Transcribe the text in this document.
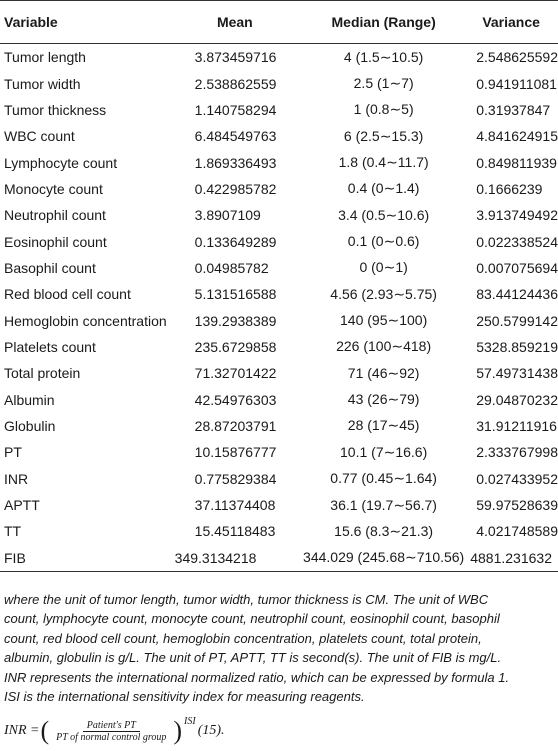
Variable	Mean	Median (Range)	Variance
Tumor length	3.873459716	4 (1.5∼10.5)	2.548625592
Tumor width	2.538862559	2.5 (1∼7)	0.941911081
Tumor thickness	1.140758294	1 (0.8∼5)	0.31937847
WBC count	6.484549763	6 (2.5∼15.3)	4.841624915
Lymphocyte count	1.869336493	1.8 (0.4∼11.7)	0.849811939
Monocyte count	0.422985782	0.4 (0∼1.4)	0.1666239
Neutrophil count	3.8907109	3.4 (0.5∼10.6)	3.913749492
Eosinophil count	0.133649289	0.1 (0∼0.6)	0.022338524
Basophil count	0.04985782	0 (0∼1)	0.007075694
Red blood cell count	5.131516588	4.56 (2.93∼5.75)	83.44124436
Hemoglobin concentration	139.2938389	140 (95∼100)	250.5799142
Platelets count	235.6729858	226 (100∼418)	5328.859219
Total protein	71.32701422	71 (46∼92)	57.49731438
Albumin	42.54976303	43 (26∼79)	29.04870232
Globulin	28.87203791	28 (17∼45)	31.91211916
PT	10.15876777	10.1 (7∼16.6)	2.333767998
INR	0.775829384	0.77 (0.45∼1.64)	0.027433952
APTT	37.11374408	36.1 (19.7∼56.7)	59.97528639
TT	15.45118483	15.6 (8.3∼21.3)	4.021748589
FIB	349.3134218	344.029 (245.68∼710.56)	4881.231632

where the unit of tumor length, tumor width, tumor thickness is CM. The unit of WBC

count, lymphocyte count, monocyte count, neutrophil count, eosinophil count, basophil

count, red blood cell count, hemoglobin concentration, platelets count, total protein,

albumin, globulin is g/L. The unit of PT, APTT, TT is second(s). The unit of FIB is mg/L.

INR represents the international normalized ratio, which can be expressed by formula 1.

ISI is the international sensitivity index for measuring reagents.

INR = ( $\frac{\text{Patient's PT}}{\text{PT of normal control group}} )^{ISI}$
(15).
